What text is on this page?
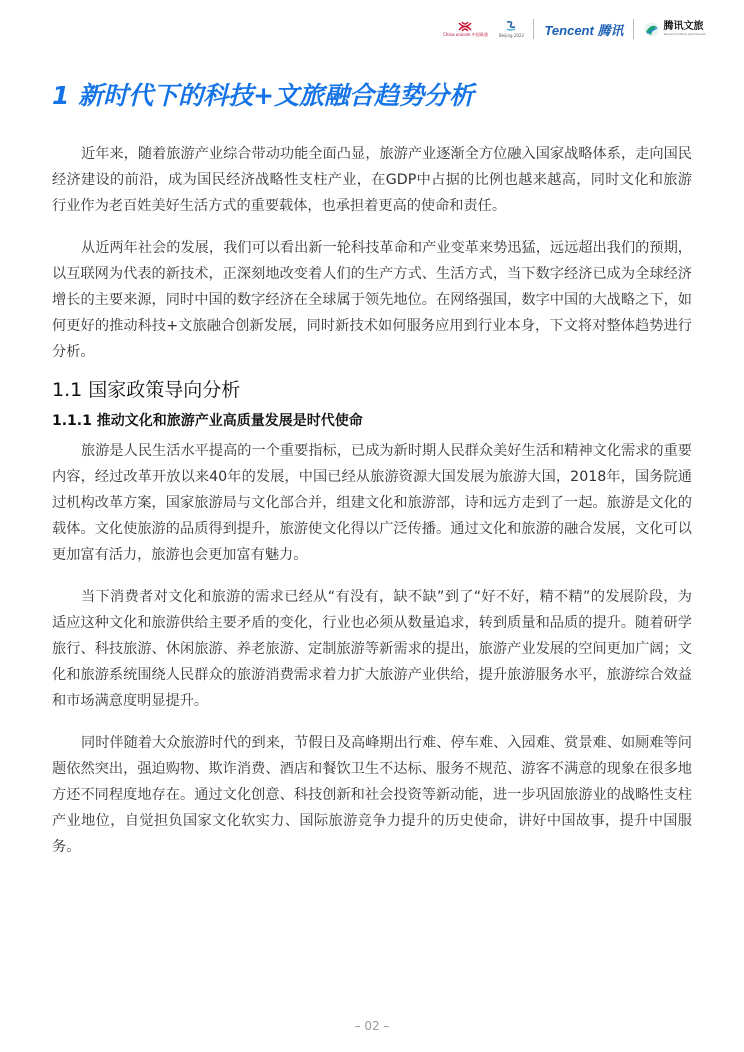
China unicom 中国联通	Beijing 2022 Tencent 腾讯	腾讯文旅
Tencent Culture and tourism
1 新时代下的科技+文旅融合趋势分析

近年来，随着旅游产业综合带动功能全面凸显，旅游产业逐渐全方位融入国家战略体系，走向国民经济建设的前沿，成为国民经济战略性支柱产业，在GDP中占据的比例也越来越高，同时文化和旅游行业作为老百姓美好生活方式的重要载体，也承担着更高的使命和责任。

从近两年社会的发展，我们可以看出新一轮科技革命和产业变革来势迅猛，远远超出我们的预期，以互联网为代表的新技术，正深刻地改变着人们的生产方式、生活方式，当下数字经济已成为全球经济增长的主要来源，同时中国的数字经济在全球属于领先地位。在网络强国，数字中国的大战略之下，如何更好的推动科技+文旅融合创新发展，同时新技术如何服务应用到行业本身，下文将对整体趋势进行分析。

1.1 国家政策导向分析
1.1.1 推动文化和旅游产业高质量发展是时代使命

旅游是人民生活水平提高的一个重要指标，已成为新时期人民群众美好生活和精神文化需求的重要内容，经过改革开放以来40年的发展，中国已经从旅游资源大国发展为旅游大国，2018年，国务院通过机构改革方案，国家旅游局与文化部合并，组建文化和旅游部，诗和远方走到了一起。旅游是文化的载体。文化使旅游的品质得到提升，旅游使文化得以广泛传播。通过文化和旅游的融合发展，文化可以更加富有活力，旅游也会更加富有魅力。

当下消费者对文化和旅游的需求已经从“有没有，缺不缺”到了“好不好，精不精”的发展阶段，为适应这种文化和旅游供给主要矛盾的变化，行业也必须从数量追求，转到质量和品质的提升。随着研学旅行、科技旅游、休闲旅游、养老旅游、定制旅游等新需求的提出，旅游产业发展的空间更加广阔；文化和旅游系统围绕人民群众的旅游消费需求着力扩大旅游产业供给，提升旅游服务水平，旅游综合效益和市场满意度明显提升。

同时伴随着大众旅游时代的到来，节假日及高峰期出行难、停车难、入园难、赏景难、如厕难等问题依然突出，强迫购物、欺诈消费、酒店和餐饮卫生不达标、服务不规范、游客不满意的现象在很多地方还不同程度地存在。通过文化创意、科技创新和社会投资等新动能，进一步巩固旅游业的战略性支柱产业地位，自觉担负国家文化软实力、国际旅游竞争力提升的历史使命，讲好中国故事，提升中国服务。

– 02 –
